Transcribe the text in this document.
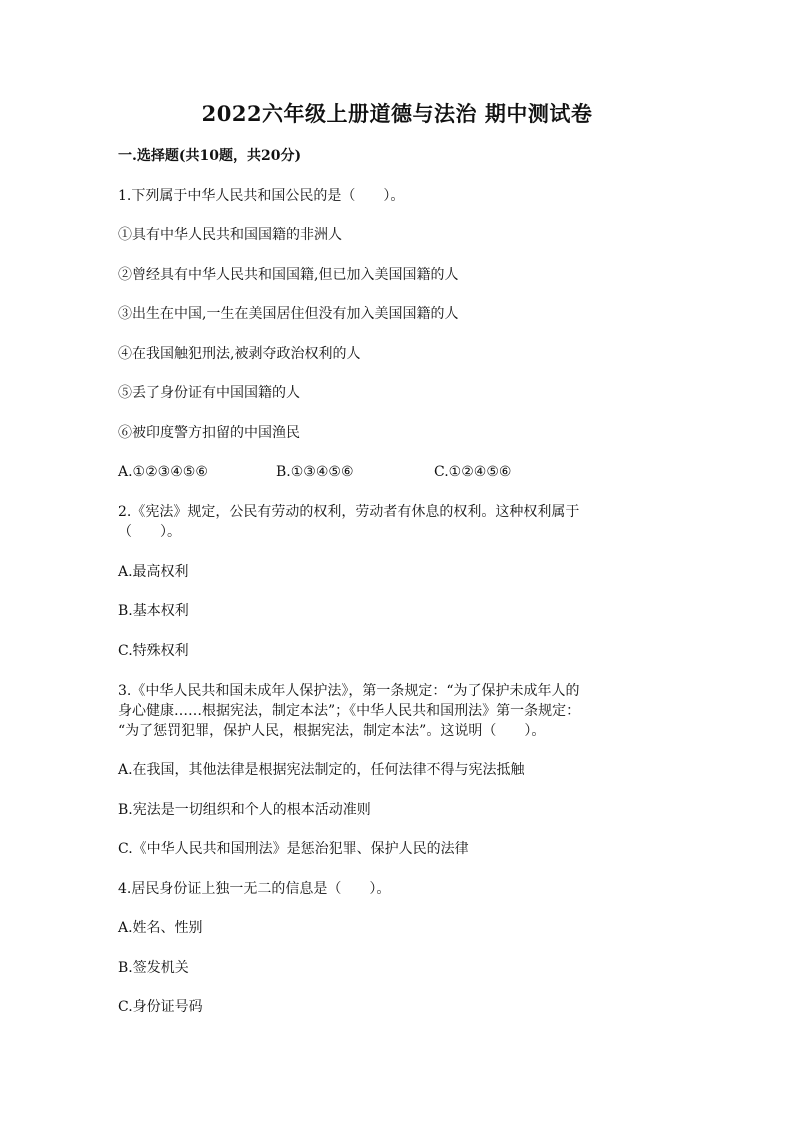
2022六年级上册道德与法治 期中测试卷
一.选择题(共10题，共20分)
1.下列属于中华人民共和国公民的是（　　）。
①具有中华人民共和国国籍的非洲人
②曾经具有中华人民共和国国籍,但已加入美国国籍的人
③出生在中国,一生在美国居住但没有加入美国国籍的人
④在我国触犯刑法,被剥夺政治权利的人
⑤丢了身份证有中国国籍的人
⑥被印度警方扣留的中国渔民
A.①②③④⑤⑥	B.①③④⑤⑥	C.①②④⑤⑥
2.《宪法》规定，公民有劳动的权利，劳动者有休息的权利。这种权利属于
（　　）。
A.最高权利
B.基本权利
C.特殊权利
3.《中华人民共和国未成年人保护法》，第一条规定：“为了保护未成年人的
身心健康……根据宪法，制定本法”；《中华人民共和国刑法》第一条规定：
“为了惩罚犯罪，保护人民，根据宪法，制定本法”。这说明（　　）。
A.在我国，其他法律是根据宪法制定的，任何法律不得与宪法抵触
B.宪法是一切组织和个人的根本活动准则
C.《中华人民共和国刑法》是惩治犯罪、保护人民的法律
4.居民身份证上独一无二的信息是（　　）。
A.姓名、性别
B.签发机关
C.身份证号码
